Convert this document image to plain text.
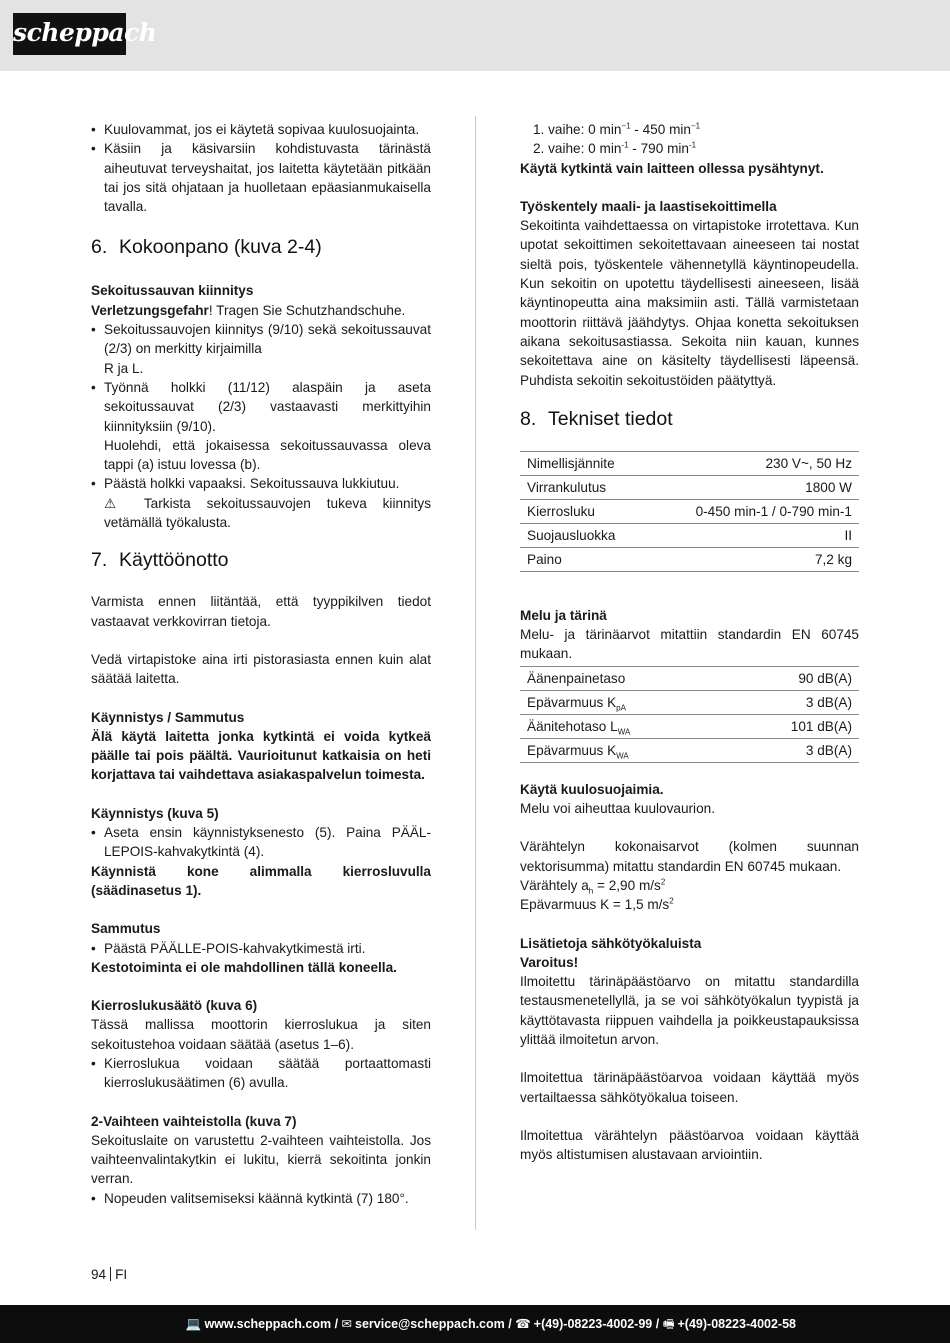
scheppach
• Kuulovammat, jos ei käytetä sopivaa kuulosuojainta.
• Käsiin ja käsivarsiin kohdistuvasta tärinästä aiheutuvat terveyshaitat, jos laitetta käytetään pitkään tai jos sitä ohjataan ja huolletaan epäasianmukaisella tavalla.
6. Kokoonpano (kuva 2-4)

Sekoitussauvan kiinnitys

Verletzungsgefahr! Tragen Sie Schutzhandschuhe.

• Sekoitussauvojen kiinnitys (9/10) sekä sekoitussauvat (2/3) on merkitty kirjaimilla
R ja L.
• Työnnä holkki (11/12) alaspäin ja aseta sekoitussauvat (2/3) vastaavasti merkittyihin kiinnityksiin (9/10).
Huolehdi, että jokaisessa sekoitussauvassa oleva tappi (a) istuu lovessa (b).
• Päästä holkki vapaaksi. Sekoitussauva lukkiutuu.
⚠ Tarkista sekoitussauvojen tukeva kiinnitys vetämällä työkalusta.
7. Käyttöönotto

Varmista ennen liitäntää, että tyyppikilven tiedot vastaavat verkkovirran tietoja.

Vedä virtapistoke aina irti pistorasiasta ennen kuin alat säätää laitetta.

Käynnistys / Sammutus

Älä käytä laitetta jonka kytkintä ei voida kytkeä päälle tai pois päältä. Vaurioitunut katkaisia on heti korjattava tai vaihdettava asiakaspalvelun toimesta.

Käynnistys (kuva 5)

• Aseta ensin käynnistyksenesto (5). Paina PÄÄL-LEPOIS-kahvakytkintä (4).

Käynnistä kone alimmalla kierrosluvulla (säädinasetus 1).

Sammutus

• Päästä PÄÄLLE-POIS-kahvakytkimestä irti.

Kestotoiminta ei ole mahdollinen tällä koneella.

Kierroslukusäätö (kuva 6)

Tässä mallissa moottorin kierroslukua ja siten sekoitustehoa voidaan säätää (asetus 1–6).

• Kierroslukua voidaan säätää portaattomasti kierroslukusäätimen (6) avulla.

2-Vaihteen vaihteistolla (kuva 7)

Sekoituslaite on varustettu 2-vaihteen vaihteistolla. Jos vaihteenvalintakytkin ei lukitu, kierrä sekoitinta jonkin verran.

• Nopeuden valitsemiseksi käännä kytkintä (7) 180°.

1. vaihe: 0 $\min^{-1} - 450$ $\min^{-1}$

2. vaihe: 0 $\min^{-1} - 790$ $\min^{-1}$

Käytä kytkintä vain laitteen ollessa pysähtynyt.

Työskentely maali- ja laastisekoittimella

Sekoitinta vaihdettaessa on virtapistoke irrotettava. Kun upotat sekoittimen sekoitettavaan aineeseen tai nostat sieltä pois, työskentele vähennetyllä käyntinopeudella. Kun sekoitin on upotettu täydellisesti aineeseen, lisää käyntinopeutta aina maksimiin asti. Tällä varmistetaan moottorin riittävä jäähdytys. Ohjaa konetta sekoituksen aikana sekoitusastiassa. Sekoita niin kauan, kunnes sekoitettava aine on käsitelty täydellisesti läpeensä. Puhdista sekoitin sekoitustöiden päätyttyä.

8. Tekniset tiedot
Nimellisjännite	230 V~, 50 Hz
Virrankulutus	1800 W
Kierrosluku	0-450 min-1 / 0-790 min-1
Suojausluokka	II
Paino	7,2 kg

Melu ja tärinä

Melu- ja tärinäarvot mitattiin standardin EN 60745 mukaan.

Äänenpainetaso	90 dB(A)
Epävarmuus $K_{pA}$	3 dB(A)
Äänitehotaso $L_{WA}$	101 dB(A)
Epävarmuus $K_{WA}$	3 dB(A)

Käytä kuulosuojaimia.

Melu voi aiheuttaa kuulovaurion.

Värähtelyn kokonaisarvot (kolmen suunnan vektorisumma) mitattu standardin EN 60745 mukaan.

Värähtely $a_h = 2,90$ $m/s^2$

Epävarmuus K = 1,5 $m/s^2$

Lisätietoja sähkötyökaluista

Varoitus!

Ilmoitettu tärinäpäästöarvo on mitattu standardilla testausmenetellyllä, ja se voi sähkötyökalun tyypistä ja käyttötavasta riippuen vaihdella ja poikkeustapauksissa ylittää ilmoitetun arvon.

Ilmoitettua tärinäpäästöarvoa voidaan käyttää myös vertailtaessa sähkötyökalua toiseen.

Ilmoitettua värähtelyn päästöarvoa voidaan käyttää myös altistumisen alustavaan arviointiin.

94 FI
💻 www.scheppach.com / ✉ service@scheppach.com / ☎ +(49)-08223-4002-99 / 🖷 +(49)-08223-4002-58
